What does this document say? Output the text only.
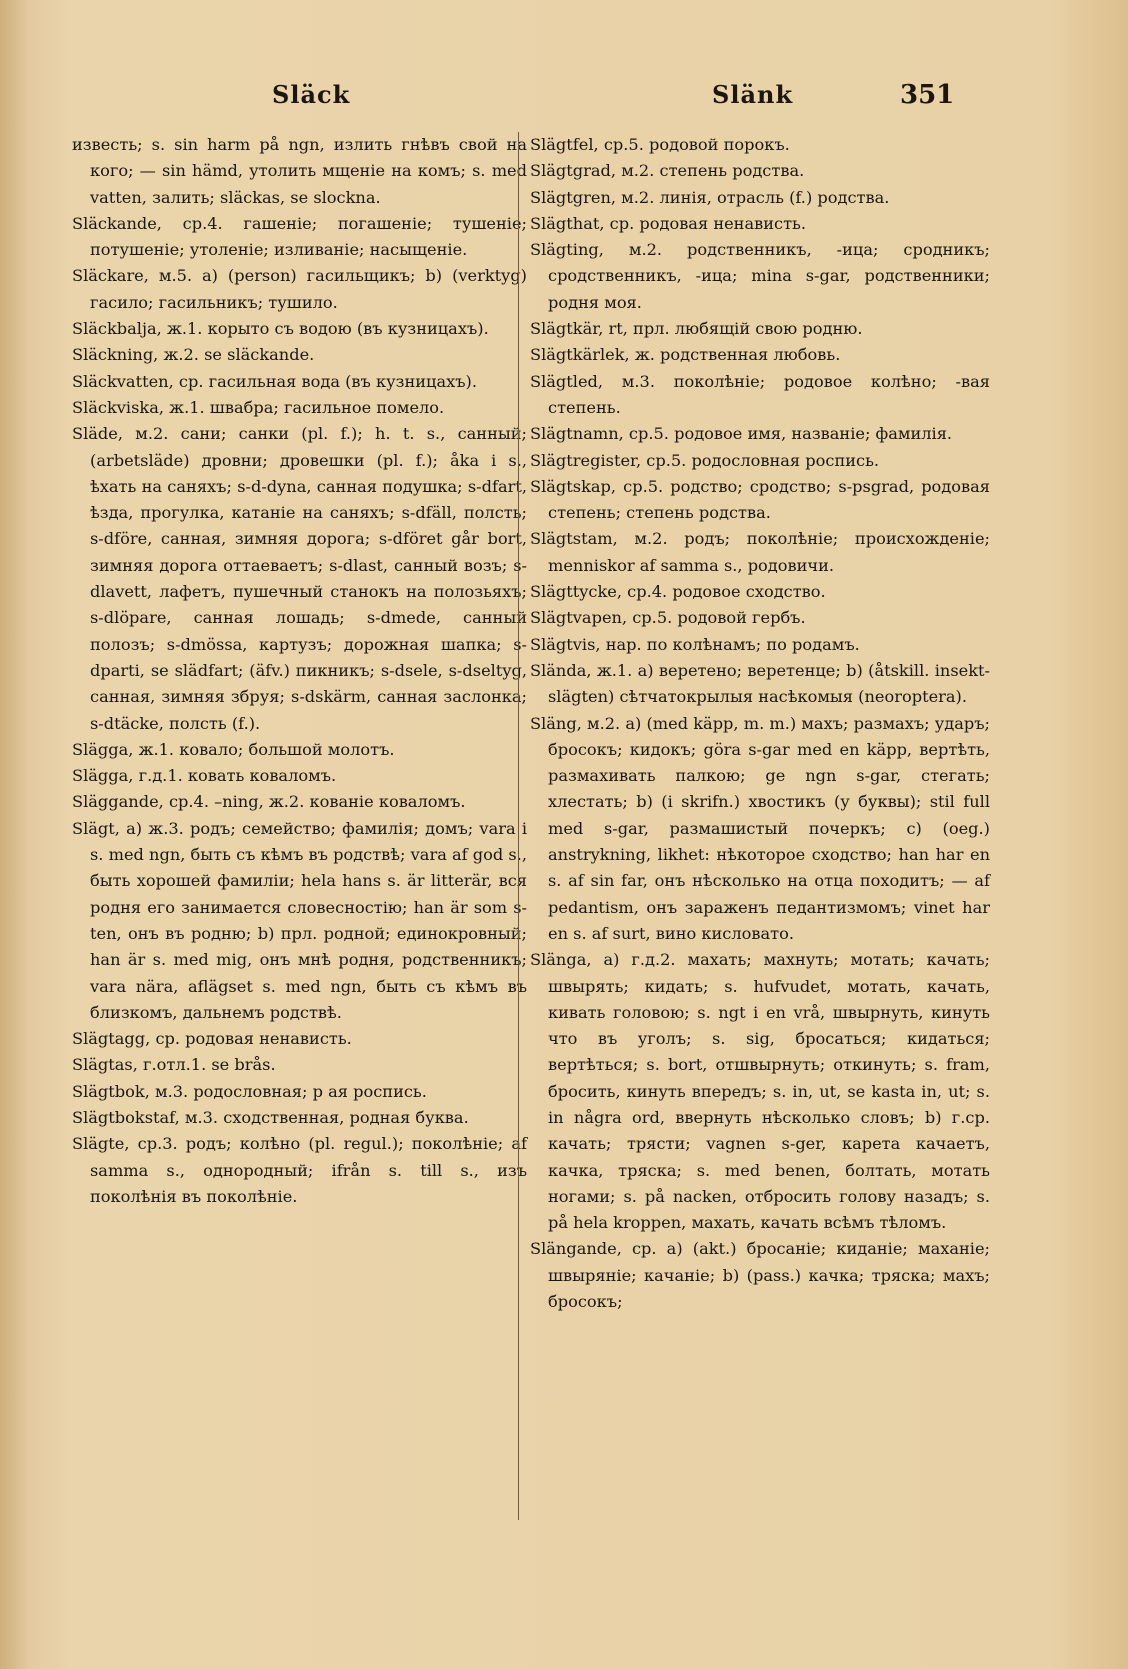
Släck	Slänk	351

известь; s. sin harm på ngn, излить гнѣвъ свой на кого; — sin hämd, утолить мщеніе на комъ; s. med vatten, залить; släckas, se slockna.

Släckande, ср.4. гашеніе; погашеніе; тушеніе; потушеніе; утоленіе; изливаніе; насыщеніе.

Släckare, м.5. a) (person) гасильщикъ; b) (verktyg) гасило; гасильникъ; тушило.

Släckbalja, ж.1. корыто съ водою (въ кузницахъ).

Släckning, ж.2. se släckande.

Släckvatten, ср. гасильная вода (въ кузницахъ).

Släckviska, ж.1. швабра; гасильное помело.

Släde, м.2. сани; санки (pl. f.); h. t. s., санный; (arbetsläde) дровни; дровешки (pl. f.); åka i s., ѣхать на саняхъ; s-d-dyna, санная подушка; s-dfart, ѣзда, прогулка, катаніе на саняхъ; s-dfäll, полсть; s-dföre, санная, зимняя дорога; s-dföret går bort, зимняя дорога оттаеваетъ; s-dlast, санный возъ; s-dlavett, лафетъ, пушечный станокъ на полозьяхъ; s-dlöpare, санная лошадь; s-dmede, санный полозъ; s-dmössa, картузъ; дорожная шапка; s-dparti, se slädfart; (äfv.) пикникъ; s-dsele, s-dseltyg, санная, зимняя збруя; s-dskärm, санная заслонка; s-dtäcke, полсть (f.).

Slägga, ж.1. ковало; большой молотъ.

Slägga, г.д.1. ковать коваломъ.

Släggande, ср.4. –ning, ж.2. кованіе коваломъ.

Slägt, a) ж.3. родъ; семейство; фамилія; домъ; vara i s. med ngn, быть съ кѣмъ въ родствѣ; vara af god s., быть хорошей фамиліи; hela hans s. är litterär, вся родня его занимается словесностію; han är som s-ten, онъ въ родню; b) прл. родной; единокровный; han är s. med mig, онъ мнѣ родня, родственникъ; vara nära, aflägset s. med ngn, быть съ кѣмъ въ близкомъ, дальнемъ родствѣ.

Slägtagg, ср. родовая ненависть.

Slägtas, г.отл.1. se brås.

Slägtbok, м.3. родословная; р ая роспись.

Slägtbokstaf, м.3. сходственная, родная буква.

Slägte, ср.3. родъ; колѣно (pl. regul.); поколѣніе; af samma s., однородный; ifrån s. till s., изъ поколѣнія въ поколѣніе.

Slägtfel, ср.5. родовой порокъ.

Slägtgrad, м.2. степень родства.

Slägtgren, м.2. линія, отрасль (f.) родства.

Slägthat, ср. родовая ненависть.

Slägting, м.2. родственникъ, -ица; сродникъ; сродственникъ, -ица; mina s-gar, родственники; родня моя.

Slägtkär, rt, прл. любящій свою родню.

Slägtkärlek, ж. родственная любовь.

Slägtled, м.3. поколѣніе; родовое колѣно; -вая степень.

Slägtnamn, ср.5. родовое имя, названіе; фамилія.

Slägtregister, ср.5. родословная роспись.

Slägtskap, ср.5. родство; сродство; s-psgrad, родовая степень; степень родства.

Slägtstam, м.2. родъ; поколѣніе; происхожденіе; menniskor af samma s., родовичи.

Slägttycke, ср.4. родовое сходство.

Slägtvapen, ср.5. родовой гербъ.

Slägtvis, нар. по колѣнамъ; по родамъ.

Slända, ж.1. a) веретено; веретенце; b) (åtskill. insekt-slägten) сѣтчатокрылыя насѣкомыя (neoroptera).

Släng, м.2. a) (med käpp, m. m.) махъ; размахъ; ударъ; бросокъ; кидокъ; göra s-gar med en käpp, вертѣть, размахивать палкою; ge ngn s-gar, стегать; хлестать; b) (i skrifn.) хвостикъ (у буквы); stil full med s-gar, размашистый почеркъ; c) (oeg.) anstrykning, likhet: нѣкоторое сходство; han har en s. af sin far, онъ нѣсколько на отца походитъ; — af pedantism, онъ зараженъ педантизмомъ; vinet har en s. af surt, вино кисловато.

Slänga, a) г.д.2. махать; махнуть; мотать; качать; швырять; кидать; s. hufvudet, мотать, качать, кивать головою; s. ngt i en vrå, швырнуть, кинуть что въ уголъ; s. sig, бросаться; кидаться; вертѣться; s. bort, отшвырнуть; откинуть; s. fram, бросить, кинуть впередъ; s. in, ut, se kasta in, ut; s. in några ord, ввернуть нѣсколько словъ; b) г.ср. качать; трясти; vagnen s-ger, карета качаетъ, качка, тряска; s. med benen, болтать, мотать ногами; s. på nacken, отбросить голову назадъ; s. på hela kroppen, махать, качать всѣмъ тѣломъ.

Slängande, ср. a) (akt.) бросаніе; киданіе; маханіе; швыряніе; качаніе; b) (pass.) качка; тряска; махъ; бросокъ;
